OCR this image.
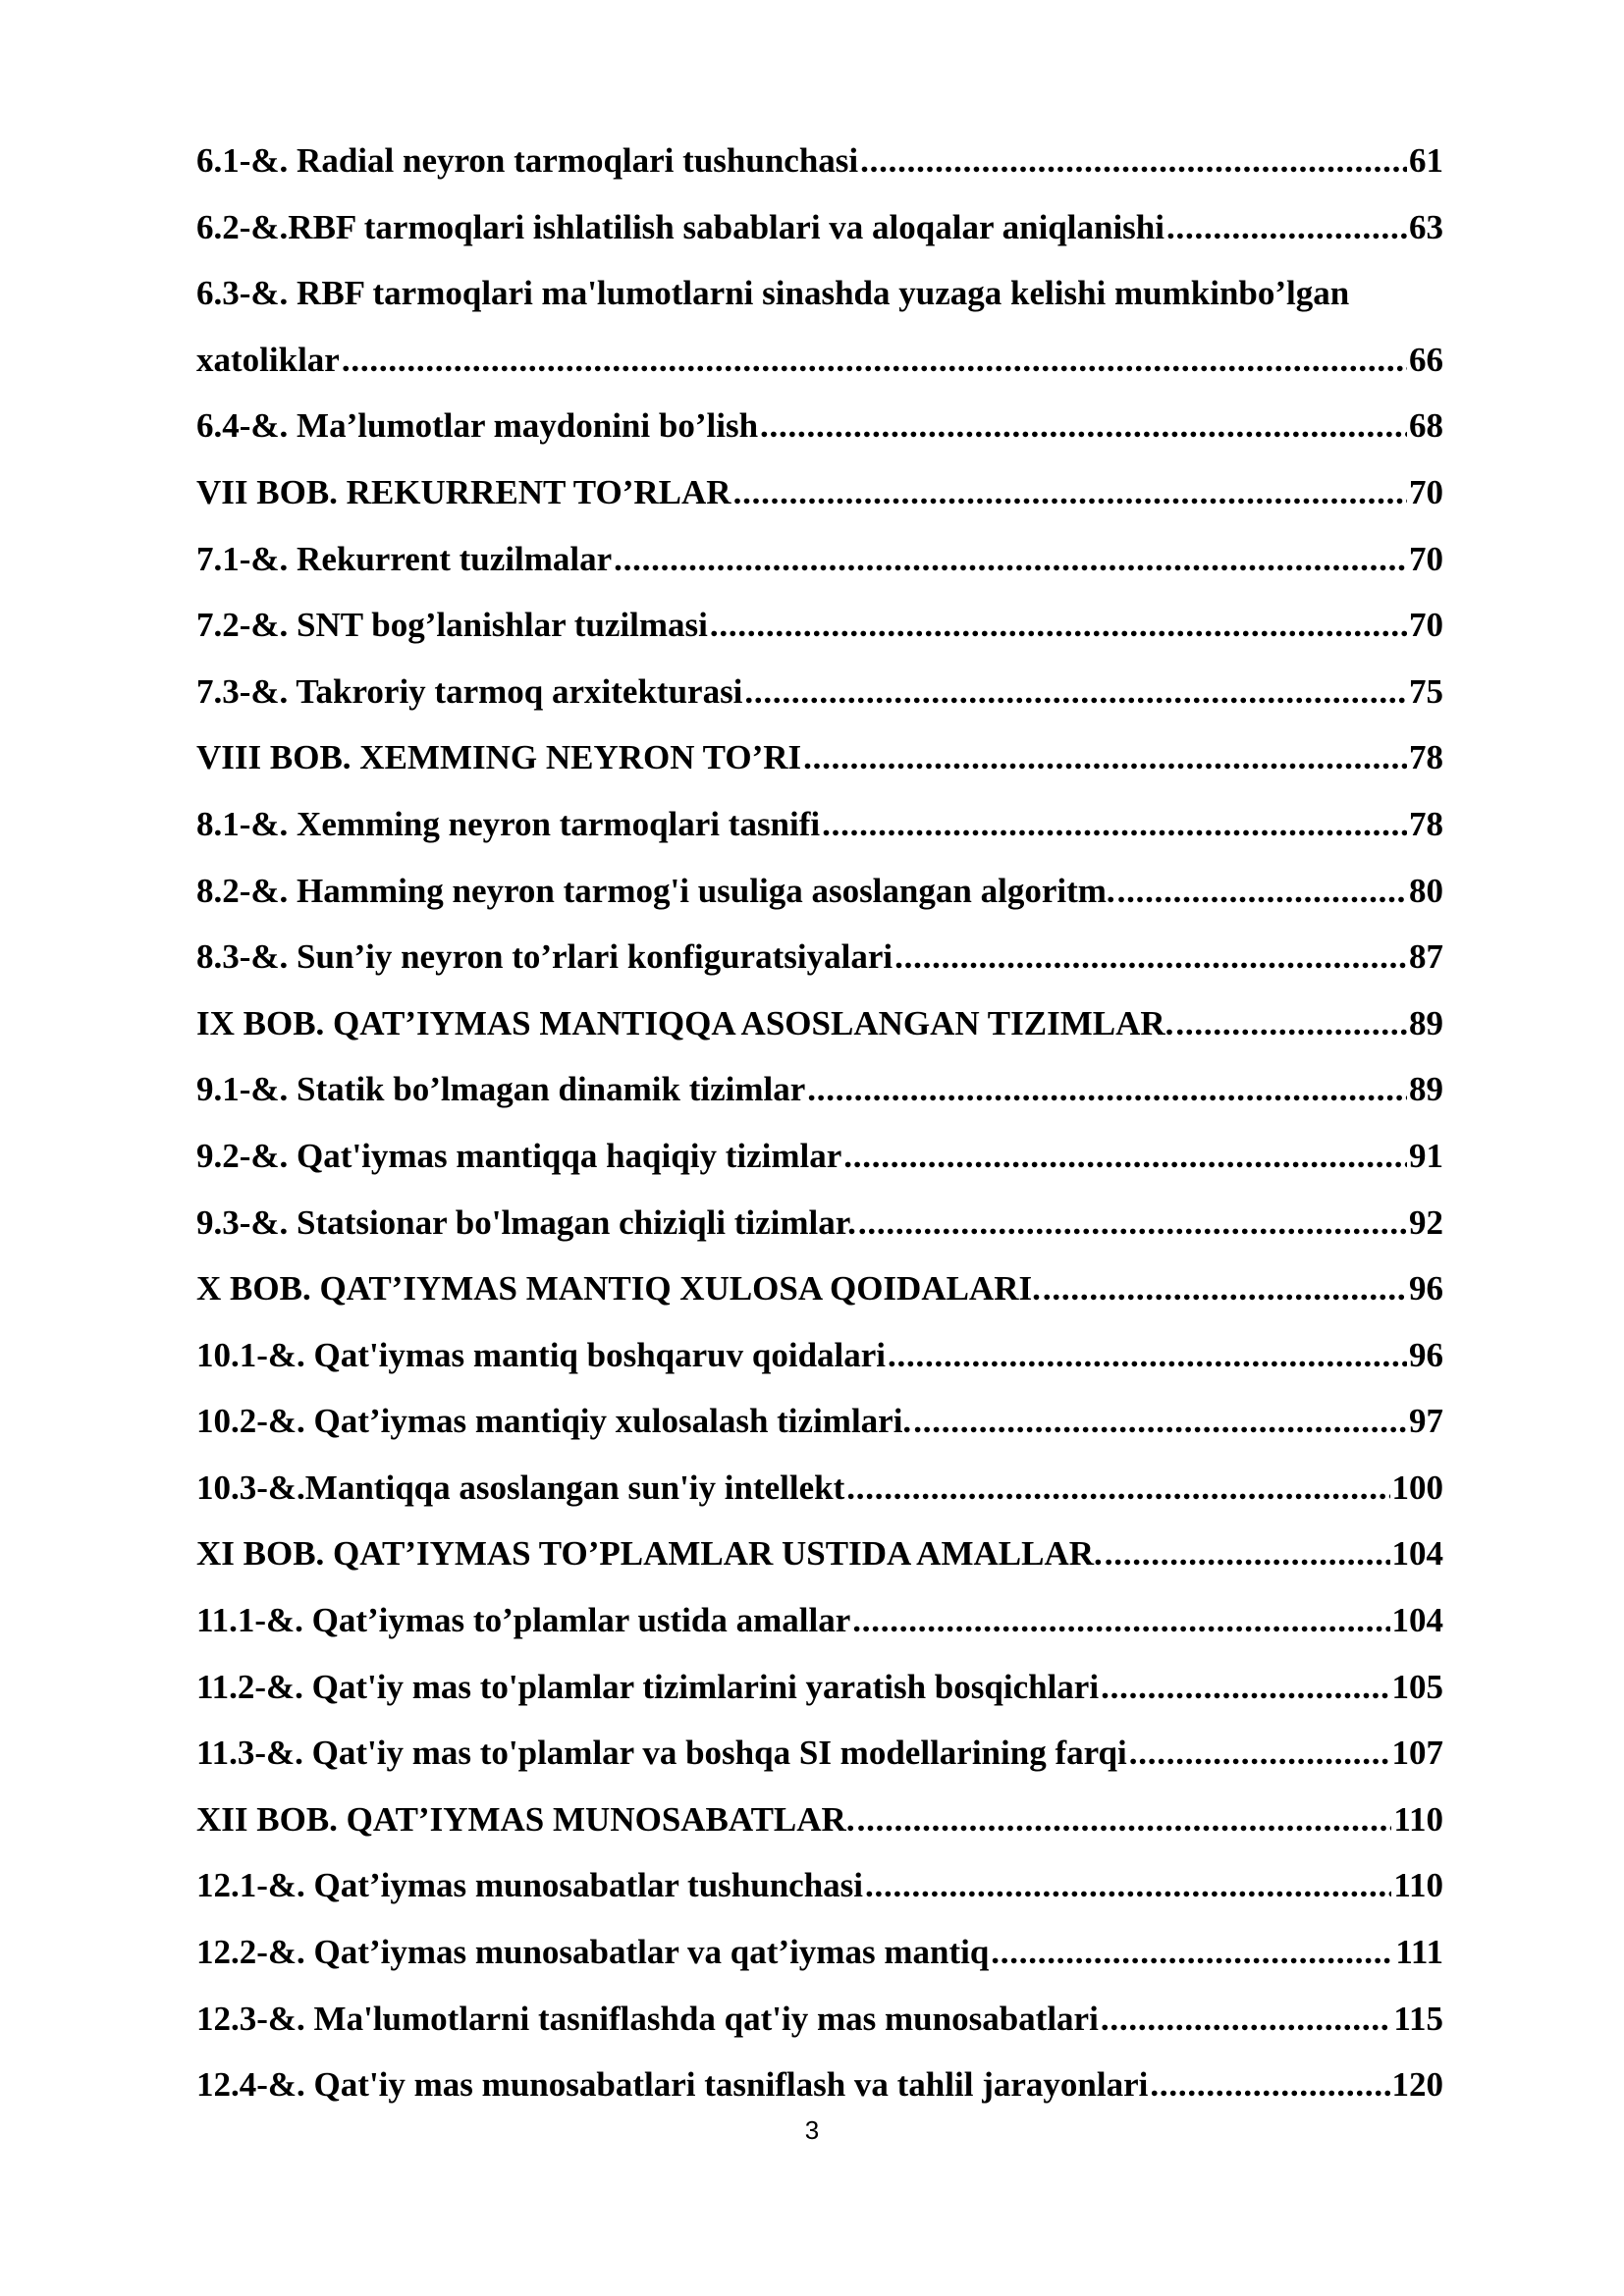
6.1-&. Radial neyron tarmoqlari tushunchasi . . .	61
6.2-&.RBF tarmoqlari ishlatilish sabablari va aloqalar aniqlanishi . . .	63
6.3-&. RBF tarmoqlari ma'lumotlarni sinashda yuzaga kelishi mumkinbo’lgan
xatoliklar . . .	66
6.4-&. Ma’lumotlar maydonini bo’lish . . .	68
VII BOB. REKURRENT TO’RLAR . . .	70
7.1-&. Rekurrent tuzilmalar . . .	70
7.2-&. SNT bog’lanishlar tuzilmasi . . .	70
7.3-&. Takroriy tarmoq arxitekturasi . . .	75
VIII BOB. XEMMING NEYRON TO’RI . . .	78
8.1-&. Xemming neyron tarmoqlari tasnifi . . .	78
8.2-&. Hamming neyron tarmog'i usuliga asoslangan algoritm. . . .	80
8.3-&. Sun’iy neyron to’rlari konfiguratsiyalari . . .	87
IX BOB. QAT’IYMAS MANTIQQA ASOSLANGAN TIZIMLAR. . . .	89
9.1-&. Statik bo’lmagan dinamik tizimlar . . .	89
9.2-&. Qat'iymas mantiqqa haqiqiy tizimlar . . .	91
9.3-&. Statsionar bo'lmagan chiziqli tizimlar. . . .	92
X BOB. QAT’IYMAS MANTIQ XULOSA QOIDALARI. . . .	96
10.1-&. Qat'iymas mantiq boshqaruv qoidalari . . .	96
10.2-&. Qat’iymas mantiqiy xulosalash tizimlari. . . .	97
10.3-&.Mantiqqa asoslangan sun'iy intellekt . . .	100
XI BOB. QAT’IYMAS TO’PLAMLAR USTIDA AMALLAR. . . .	104
11.1-&. Qat’iymas to’plamlar ustida amallar . . .	104
11.2-&. Qat'iy mas to'plamlar tizimlarini yaratish bosqichlari . . .	105
11.3-&. Qat'iy mas to'plamlar va boshqa SI modellarining farqi . . .	107
XII BOB. QAT’IYMAS MUNOSABATLAR. . . .	110
12.1-&. Qat’iymas munosabatlar tushunchasi . . .	110
12.2-&. Qat’iymas munosabatlar va qat’iymas mantiq . . .	111
12.3-&. Ma'lumotlarni tasniflashda qat'iy mas munosabatlari . . .	115
12.4-&. Qat'iy mas munosabatlari tasniflash va tahlil jarayonlari . . .	120
3
